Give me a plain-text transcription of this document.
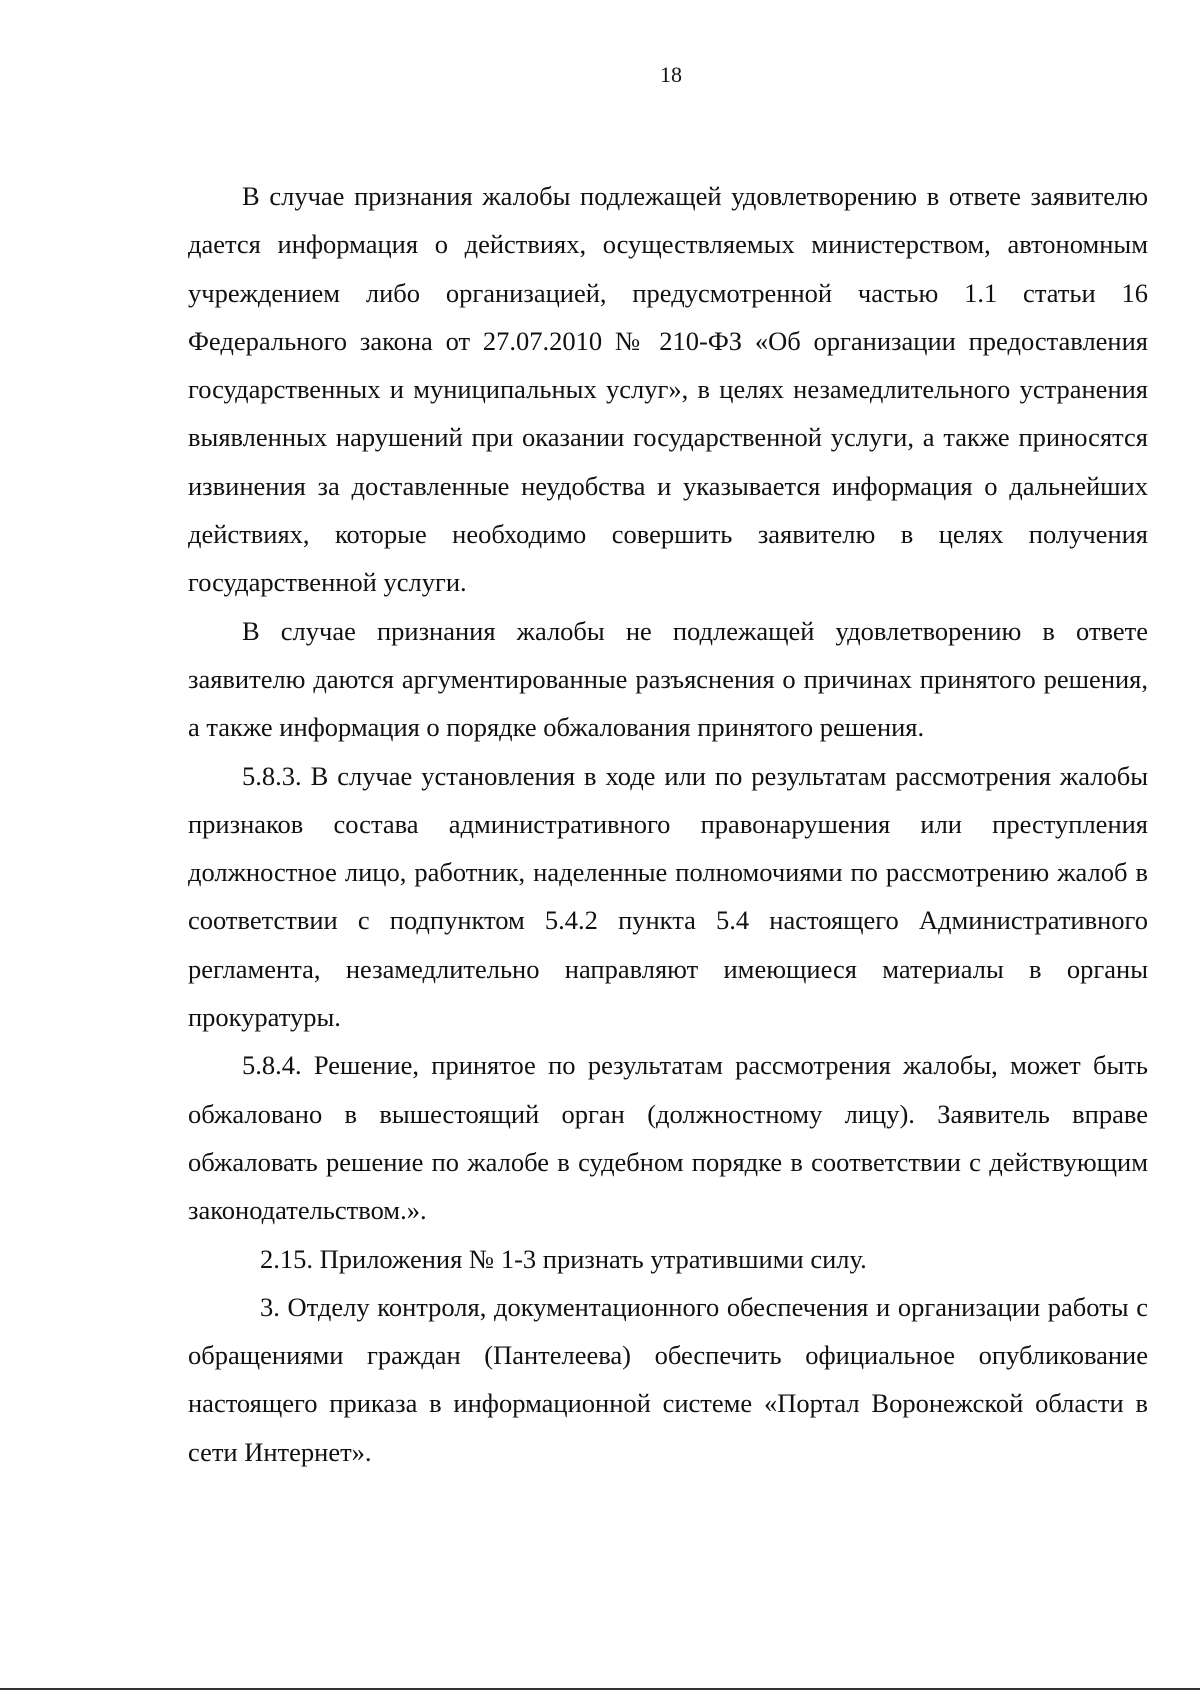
18

В случае признания жалобы подлежащей удовлетворению в ответе заявителю дается информация о действиях, осуществляемых министерством, автономным учреждением либо организацией, предусмотренной частью 1.1 статьи 16 Федерального закона от 27.07.2010 № 210-ФЗ «Об организации предоставления государственных и муниципальных услуг», в целях незамедлительного устранения выявленных нарушений при оказании государственной услуги, а также приносятся извинения за доставленные неудобства и указывается информация о дальнейших действиях, которые необходимо совершить заявителю в целях получения государственной услуги.

В случае признания жалобы не подлежащей удовлетворению в ответе заявителю даются аргументированные разъяснения о причинах принятого решения, а также информация о порядке обжалования принятого решения.

5.8.3. В случае установления в ходе или по результатам рассмотрения жалобы признаков состава административного правонарушения или преступления должностное лицо, работник, наделенные полномочиями по рассмотрению жалоб в соответствии с подпунктом 5.4.2 пункта 5.4 настоящего Административного регламента, незамедлительно направляют имеющиеся материалы в органы прокуратуры.

5.8.4. Решение, принятое по результатам рассмотрения жалобы, может быть обжаловано в вышестоящий орган (должностному лицу). Заявитель вправе обжаловать решение по жалобе в судебном порядке в соответствии с действующим законодательством.».

2.15. Приложения № 1-3 признать утратившими силу.

3. Отделу контроля, документационного обеспечения и организации работы с обращениями граждан (Пантелеева) обеспечить официальное опубликование настоящего приказа в информационной системе «Портал Воронежской области в сети Интернет».
